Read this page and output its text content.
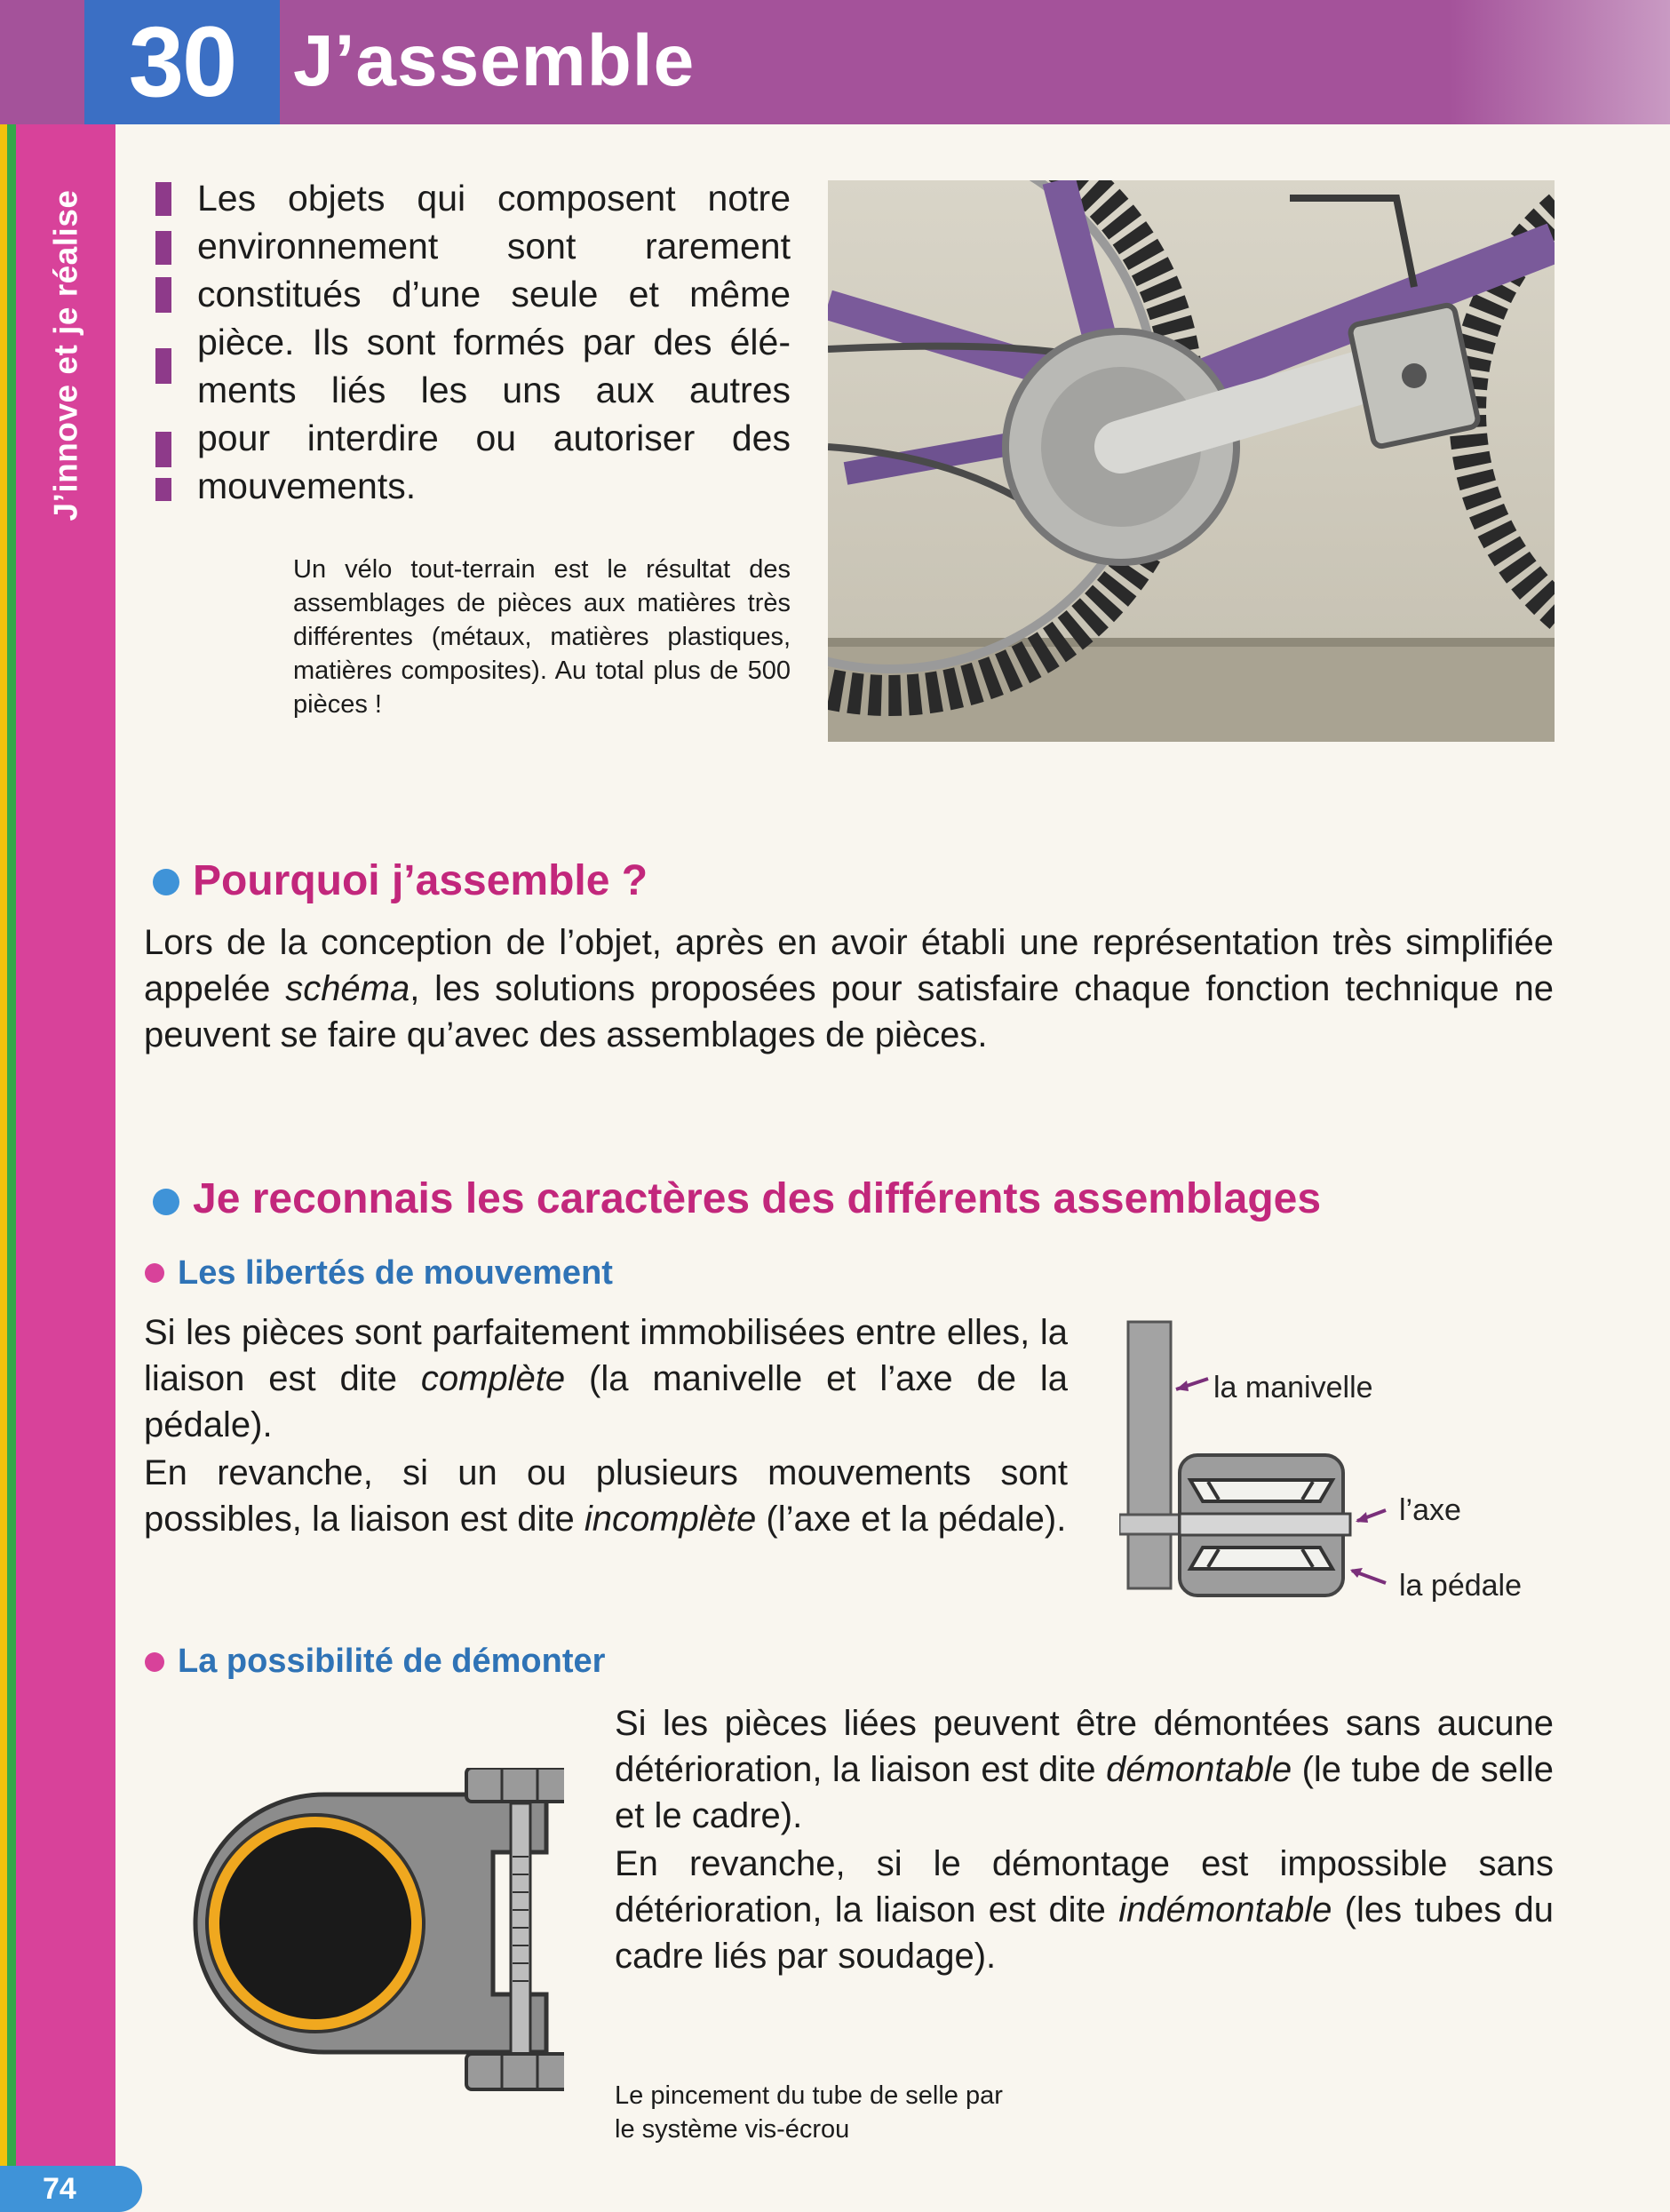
J’innove et je réalise
30 J’assemble
Les objets qui composent notre
environnement sont rarement
constitués d’une seule et même
pièce. Ils sont formés par des élé-
ments liés les uns aux autres
pour interdire ou autoriser des
mouvements.
Un vélo tout-terrain est le résultat des assemblages de pièces aux matières très différentes (métaux, matières plastiques, matières composites). Au total plus de 500 pièces !
Pourquoi j’assemble ?
Lors de la conception de l’objet, après en avoir établi une représentation très simplifiée appelée schéma, les solutions proposées pour satisfaire chaque fonction technique ne peuvent se faire qu’avec des assemblages de pièces.
Je reconnais les caractères des différents assemblages
Les libertés de mouvement
Si les pièces sont parfaitement immobilisées entre elles, la liaison est dite complète (la manivelle et l’axe de la pédale).
En revanche, si un ou plusieurs mouvements sont possibles, la liaison est dite incomplète (l’axe et la pédale).
la manivelle
l’axe
la pédale
La possibilité de démonter
Si les pièces liées peuvent être démontées sans aucune détérioration, la liaison est dite démontable (le tube de selle et le cadre).
En revanche, si le démontage est impossible sans détérioration, la liaison est dite indémontable (les tubes du cadre liés par soudage).
Le pincement du tube de selle par
le système vis-écrou
74
